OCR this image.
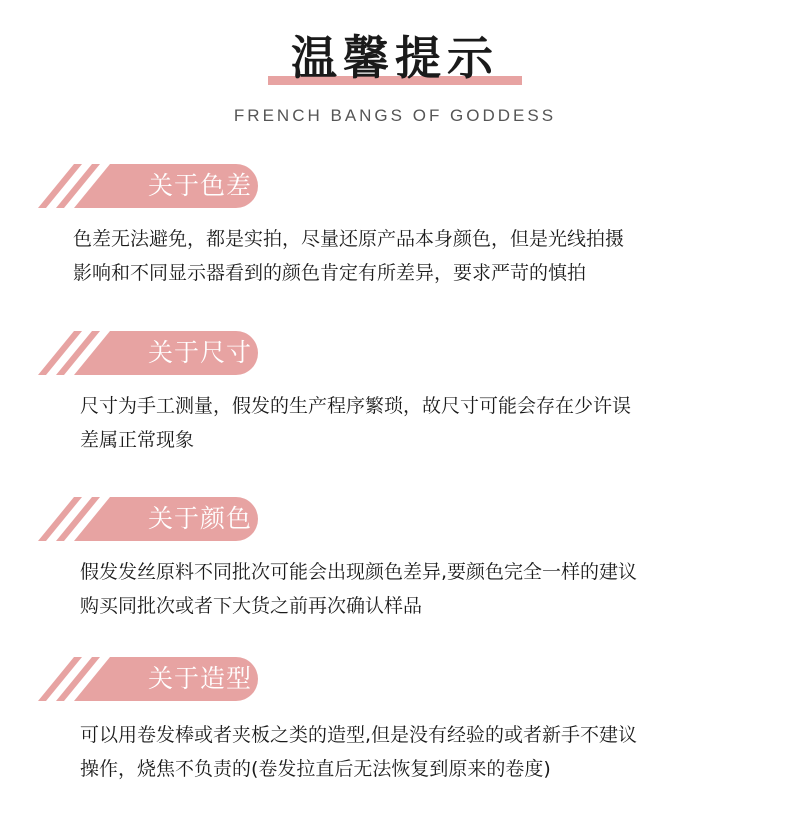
温馨提示
FRENCH BANGS OF GODDESS
关于色差
色差无法避免，都是实拍，尽量还原产品本身颜色，但是光线拍摄
影响和不同显示器看到的颜色肯定有所差异，要求严苛的慎拍
关于尺寸
尺寸为手工测量，假发的生产程序繁琐，故尺寸可能会存在少许误
差属正常现象
关于颜色
假发发丝原料不同批次可能会出现颜色差异,要颜色完全一样的建议
购买同批次或者下大货之前再次确认样品
关于造型
可以用卷发棒或者夹板之类的造型,但是没有经验的或者新手不建议
操作，烧焦不负责的(卷发拉直后无法恢复到原来的卷度)
